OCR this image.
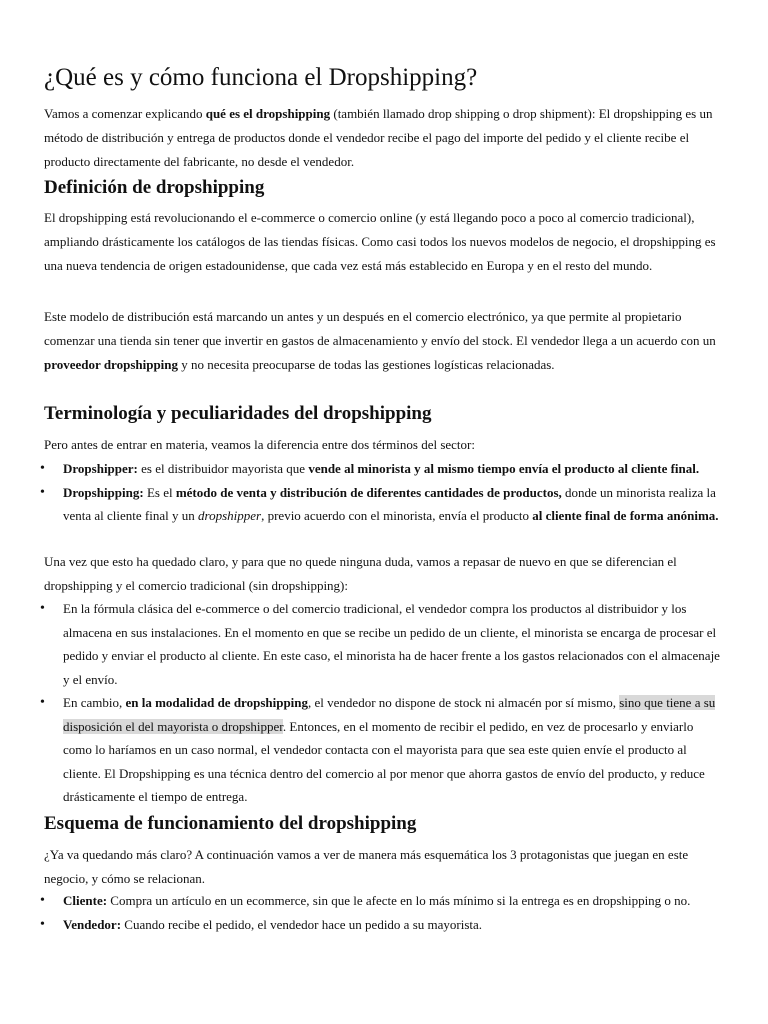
¿Qué es y cómo funciona el Dropshipping?

Vamos a comenzar explicando qué es el dropshipping (también llamado drop shipping o drop shipment): El dropshipping es un método de distribución y entrega de productos donde el vendedor recibe el pago del importe del pedido y el cliente recibe el producto directamente del fabricante, no desde el vendedor.

Definición de dropshipping

El dropshipping está revolucionando el e-commerce o comercio online (y está llegando poco a poco al comercio tradicional), ampliando drásticamente los catálogos de las tiendas físicas. Como casi todos los nuevos modelos de negocio, el dropshipping es una nueva tendencia de origen estadounidense, que cada vez está más establecido en Europa y en el resto del mundo.

Este modelo de distribución está marcando un antes y un después en el comercio electrónico, ya que permite al propietario comenzar una tienda sin tener que invertir en gastos de almacenamiento y envío del stock. El vendedor llega a un acuerdo con un proveedor dropshipping y no necesita preocuparse de todas las gestiones logísticas relacionadas.

Terminología y peculiaridades del dropshipping

Pero antes de entrar en materia, veamos la diferencia entre dos términos del sector:

• Dropshipper: es el distribuidor mayorista que vende al minorista y al mismo tiempo envía el producto al cliente final.
• Dropshipping: Es el método de venta y distribución de diferentes cantidades de productos, donde un minorista realiza la venta al cliente final y un dropshipper, previo acuerdo con el minorista, envía el producto al cliente final de forma anónima.

Una vez que esto ha quedado claro, y para que no quede ninguna duda, vamos a repasar de nuevo en que se diferencian el dropshipping y el comercio tradicional (sin dropshipping):

• En la fórmula clásica del e-commerce o del comercio tradicional, el vendedor compra los productos al distribuidor y los almacena en sus instalaciones. En el momento en que se recibe un pedido de un cliente, el minorista se encarga de procesar el pedido y enviar el producto al cliente. En este caso, el minorista ha de hacer frente a los gastos relacionados con el almacenaje y el envío.
• En cambio, en la modalidad de dropshipping, el vendedor no dispone de stock ni almacén por sí mismo, sino que tiene a su disposición el del mayorista o dropshipper. Entonces, en el momento de recibir el pedido, en vez de procesarlo y enviarlo como lo haríamos en un caso normal, el vendedor contacta con el mayorista para que sea este quien envíe el producto al cliente. El Dropshipping es una técnica dentro del comercio al por menor que ahorra gastos de envío del producto, y reduce drásticamente el tiempo de entrega.
Esquema de funcionamiento del dropshipping

¿Ya va quedando más claro? A continuación vamos a ver de manera más esquemática los 3 protagonistas que juegan en este negocio, y cómo se relacionan.

• Cliente: Compra un artículo en un ecommerce, sin que le afecte en lo más mínimo si la entrega es en dropshipping o no.
• Vendedor: Cuando recibe el pedido, el vendedor hace un pedido a su mayorista.
